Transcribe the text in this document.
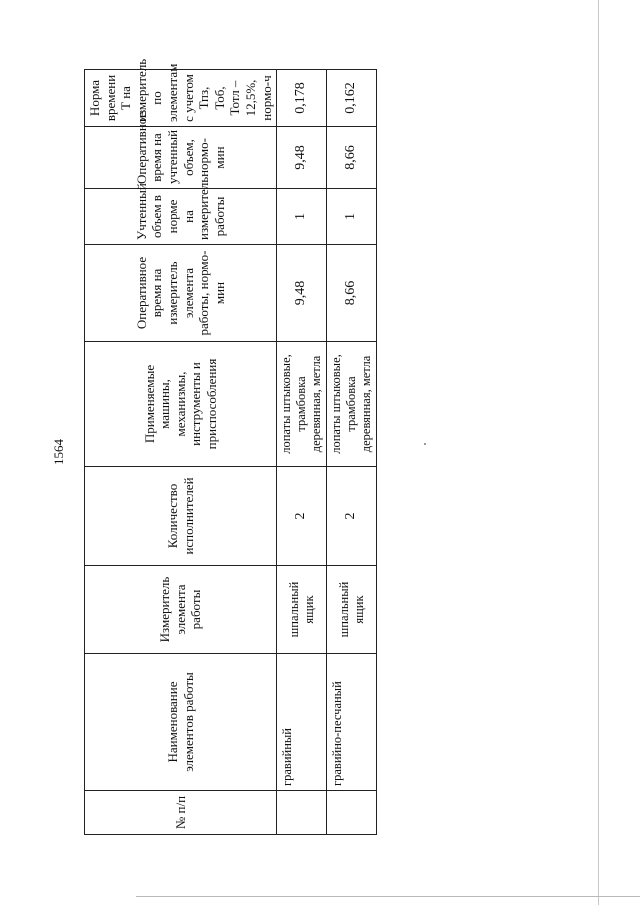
1564
№ п/п	Наименование элементов работы	Измеритель элемента работы	Количество исполнителей	Применяемые машины, механизмы, инструменты и приспособления	Оперативное время на измеритель элемента работы, нормо-мин	Учтенный объем в норме на измеритель работы	Оперативное время на учтенный объем, нормо-мин	Норма времени Т на измеритель по элементам с учетом Тпз, Тоб, Тотл – 12,5%, нормо-ч
	гравийный	шпальный ящик	2	лопаты штыковые, трамбовка деревянная, метла	9,48	1	9,48	0,178
	гравийно-песчаный	шпальный ящик	2	лопаты штыковые, трамбовка деревянная, метла	8,66	1	8,66	0,162
